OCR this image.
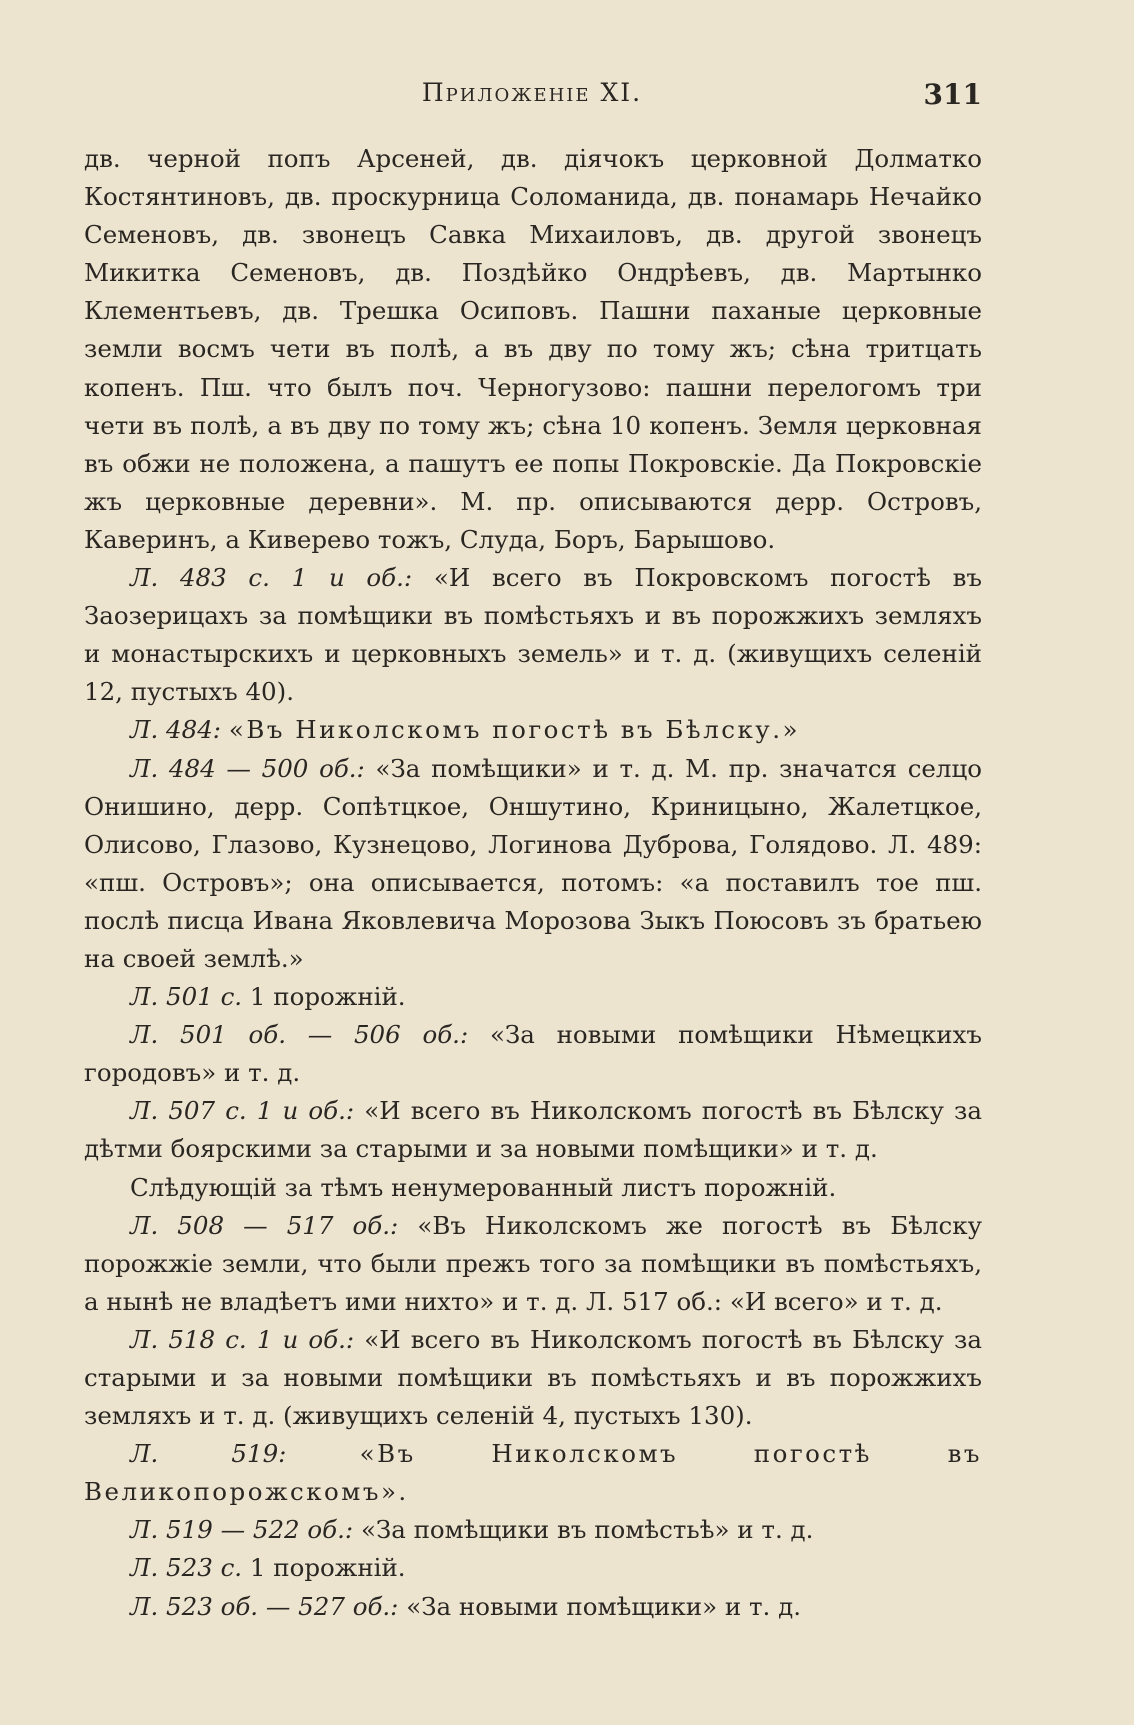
Приложеніе XI.	311

дв. черной попъ Арсеней, дв. діячокъ церковной Долматко Костянтиновъ, дв. проскурница Соломанида, дв. понамарь Нечайко Семеновъ, дв. звонецъ Савка Михаиловъ, дв. другой звонецъ Микитка Семеновъ, дв. Поздѣйко Ондрѣевъ, дв. Мартынко Клементьевъ, дв. Трешка Осиповъ. Пашни паханые церковные земли восмъ чети въ полѣ, а въ дву по тому жъ; сѣна тритцать копенъ. Пш. что былъ поч. Черногузово: пашни перелогомъ три чети въ полѣ, а въ дву по тому жъ; сѣна 10 копенъ. Земля церковная въ обжи не положена, а пашутъ ее попы Покровскіе. Да Покровскіе жъ церковные деревни». М. пр. описываются дерр. Островъ, Каверинъ, а Киверево тожъ, Слуда, Боръ, Барышово.

Л. 483 с. 1 и об.: «И всего въ Покровскомъ погостѣ въ Заозерицахъ за помѣщики въ помѣстьяхъ и въ порожжихъ земляхъ и монастырскихъ и церковныхъ земель» и т. д. (живущихъ селеній 12, пустыхъ 40).

Л. 484: «Въ Николскомъ погостѣ въ Бѣлску.»

Л. 484 — 500 об.: «За помѣщики» и т. д. М. пр. значатся селцо Онишино, дерр. Сопѣтцкое, Оншутино, Криницыно, Жалетцкое, Олисово, Глазово, Кузнецово, Логинова Дуброва, Голядово. Л. 489: «пш. Островъ»; она описывается, потомъ: «а поставилъ тое пш. послѣ писца Ивана Яковлевича Морозова Зыкъ Поюсовъ зъ братьею на своей землѣ.»

Л. 501 с. 1 порожній.

Л. 501 об. — 506 об.: «За новыми помѣщики Нѣмецкихъ городовъ» и т. д.

Л. 507 с. 1 и об.: «И всего въ Николскомъ погостѣ въ Бѣлску за дѣтми боярскими за старыми и за новыми помѣщики» и т. д.

Слѣдующій за тѣмъ ненумерованный листъ порожній.

Л. 508 — 517 об.: «Въ Николскомъ же погостѣ въ Бѣлску порожжіе земли, что были прежъ того за помѣщики въ помѣстьяхъ, а нынѣ не владѣетъ ими нихто» и т. д. Л. 517 об.: «И всего» и т. д.

Л. 518 с. 1 и об.: «И всего въ Николскомъ погостѣ въ Бѣлску за старыми и за новыми помѣщики въ помѣстьяхъ и въ порожжихъ земляхъ и т. д. (живущихъ селеній 4, пустыхъ 130).

Л. 519:	«Въ Николскомъ погостѣ въ Великопорожскомъ».

Л. 519 — 522 об.: «За помѣщики въ помѣстьѣ» и т. д.

Л. 523 с. 1 порожній.

Л. 523 об. — 527 об.: «За новыми помѣщики» и т. д.
